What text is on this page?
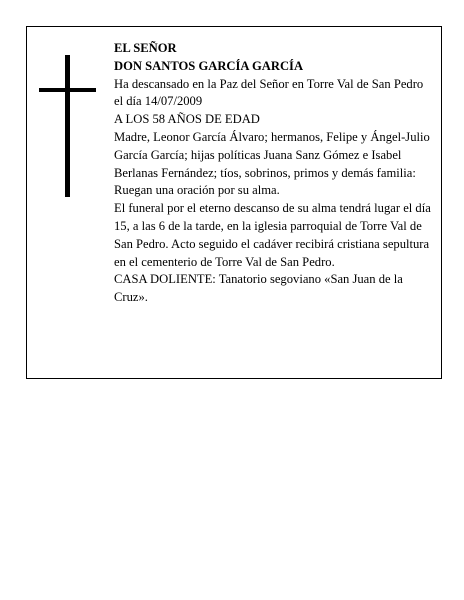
EL SEÑOR

DON SANTOS GARCÍA GARCÍA

Ha descansado en la Paz del Señor en Torre Val de San Pedro el día 14/07/2009

A LOS 58 AÑOS DE EDAD

Madre, Leonor García Álvaro; hermanos, Felipe y Ángel-Julio García García; hijas políticas Juana Sanz Gómez e Isabel Berlanas Fernández; tíos, sobrinos, primos y demás familia:

Ruegan una oración por su alma.

El funeral por el eterno descanso de su alma tendrá lugar el día 15, a las 6 de la tarde, en la iglesia parroquial de Torre Val de San Pedro. Acto seguido el cadáver recibirá cristiana sepultura en el cementerio de Torre Val de San Pedro.

CASA DOLIENTE: Tanatorio segoviano «San Juan de la Cruz».
